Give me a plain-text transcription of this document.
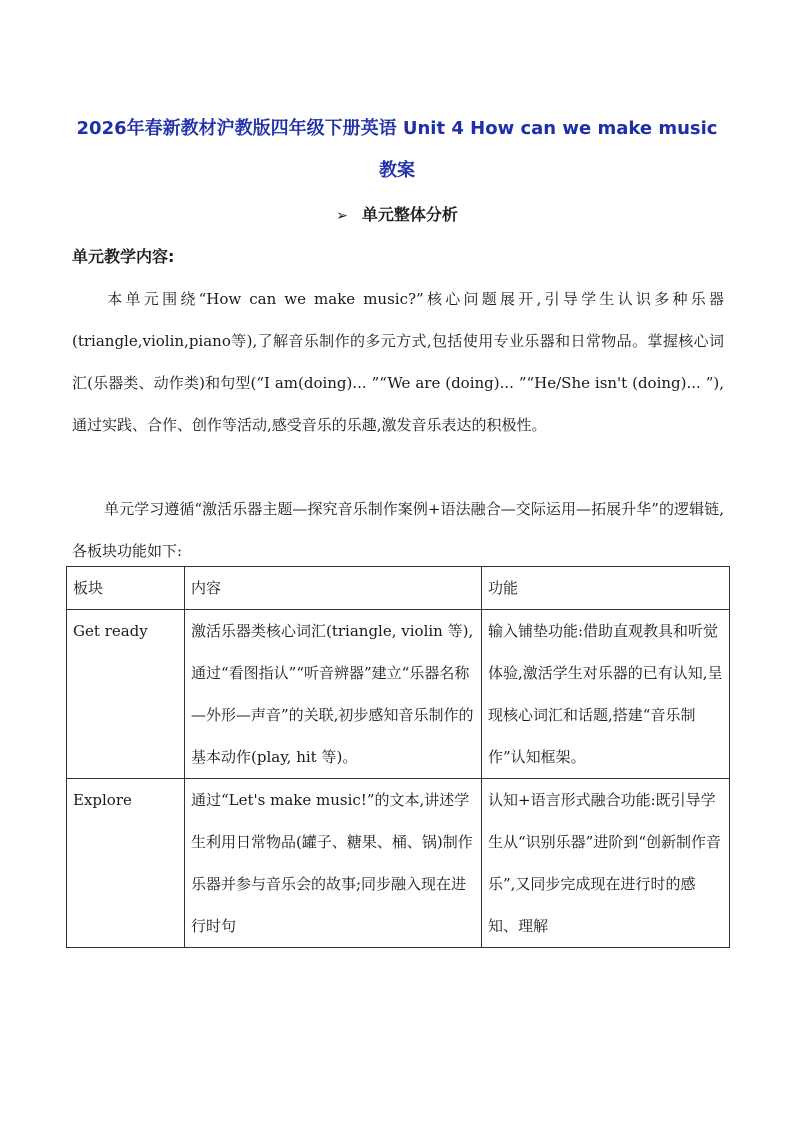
2026年春新教材沪教版四年级下册英语 Unit 4 How can we make music
教案
➢ 单元整体分析
单元教学内容:
本单元围绕“How can we make music?”核心问题展开,引导学生认识多种乐器(triangle,violin,piano等),了解音乐制作的多元方式,包括使用专业乐器和日常物品。掌握核心词汇(乐器类、动作类)和句型(“I am(doing)... ”“We are (doing)... ”“He/She isn't (doing)... ”),通过实践、合作、创作等活动,感受音乐的乐趣,激发音乐表达的积极性。
单元学习遵循“激活乐器主题—探究音乐制作案例+语法融合—交际运用—拓展升华”的逻辑链,各板块功能如下:
板块	内容	功能
Get ready	激活乐器类核心词汇(triangle, violin 等),通过“看图指认”“听音辨器”建立“乐器名称—外形—声音”的关联,初步感知音乐制作的基本动作(play, hit 等)。	输入铺垫功能:借助直观教具和听觉体验,激活学生对乐器的已有认知,呈现核心词汇和话题,搭建“音乐制作”认知框架。
Explore	通过“Let's make music!”的文本,讲述学生利用日常物品(罐子、糖果、桶、锅)制作乐器并参与音乐会的故事;同步融入现在进行时句	认知+语言形式融合功能:既引导学生从“识别乐器”进阶到“创新制作音乐”,又同步完成现在进行时的感知、理解
